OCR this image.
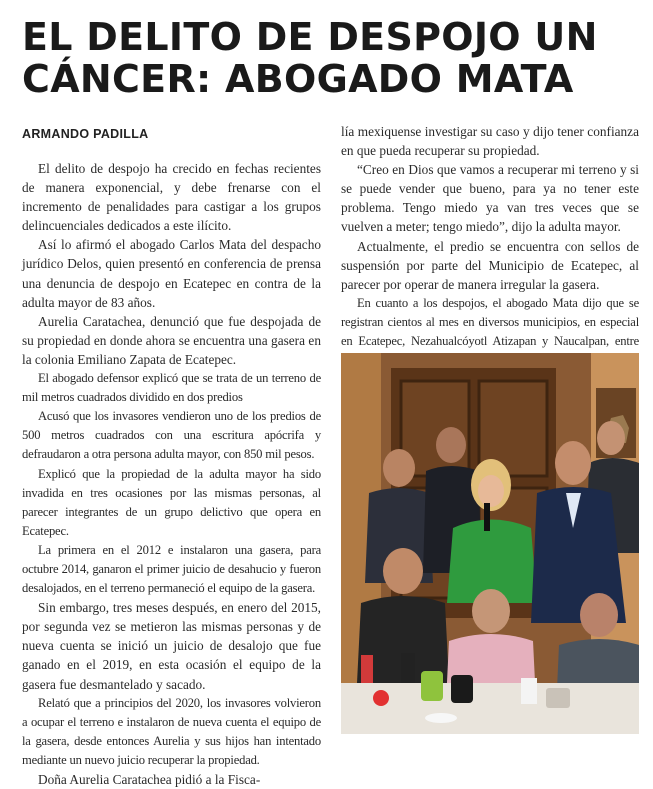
EL DELITO DE DESPOJO UN
CÁNCER: ABOGADO MATA
ARMANDO PADILLA

El delito de despojo ha crecido en fechas recientes de manera exponencial, y debe frenarse con el incremento de penalidades para castigar a los grupos delincuenciales dedicados a este ilícito.

Así lo afirmó el abogado Carlos Mata del despacho jurídico Delos, quien presentó en conferencia de prensa una denuncia de despojo en Ecatepec en contra de la adulta mayor de 83 años.

Aurelia Caratachea, denunció que fue despojada de su propiedad en donde ahora se encuentra una gasera en la colonia Emiliano Zapata de Ecatepec.

El abogado defensor explicó que se trata de un terreno de mil metros cuadrados dividido en dos predios

Acusó que los invasores vendieron uno de los predios de 500 metros cuadrados con una escritura apócrifa y defraudaron a otra persona adulta mayor, con 850 mil pesos.

Explicó que la propiedad de la adulta mayor ha sido invadida en tres ocasiones por las mismas personas, al parecer integrantes de un grupo delictivo que opera en Ecatepec.

La primera en el 2012 e instalaron una gasera, para octubre 2014, ganaron el primer juicio de desahucio y fueron desalojados, en el terreno permaneció el equipo de la gasera.

Sin embargo, tres meses después, en enero del 2015, por segunda vez se metieron las mismas personas y de nueva cuenta se inició un juicio de desalojo que fue ganado en el 2019, en esta ocasión el equipo de la gasera fue desmantelado y sacado.

Relató que a principios del 2020, los invasores volvieron a ocupar el terreno e instalaron de nueva cuenta el equipo de la gasera, desde entonces Aurelia y sus hijos han intentado mediante un nuevo juicio recuperar la propiedad.

Doña Aurelia Caratachea pidió a la Fisca-

lía mexiquense investigar su caso y dijo tener confianza en que pueda recuperar su propiedad.

“Creo en Dios que vamos a recuperar mi terreno y si se puede vender que bueno, para ya no tener este problema. Tengo miedo ya van tres veces que se vuelven a meter; tengo miedo”, dijo la adulta mayor.

Actualmente, el predio se encuentra con sellos de suspensión por parte del Municipio de Ecatepec, al parecer por operar de manera irregular la gasera.

En cuanto a los despojos, el abogado Mata dijo que se registran cientos al mes en diversos municipios, en especial en Ecatepec, Nezahualcóyotl Atizapan y Naucalpan, entre
